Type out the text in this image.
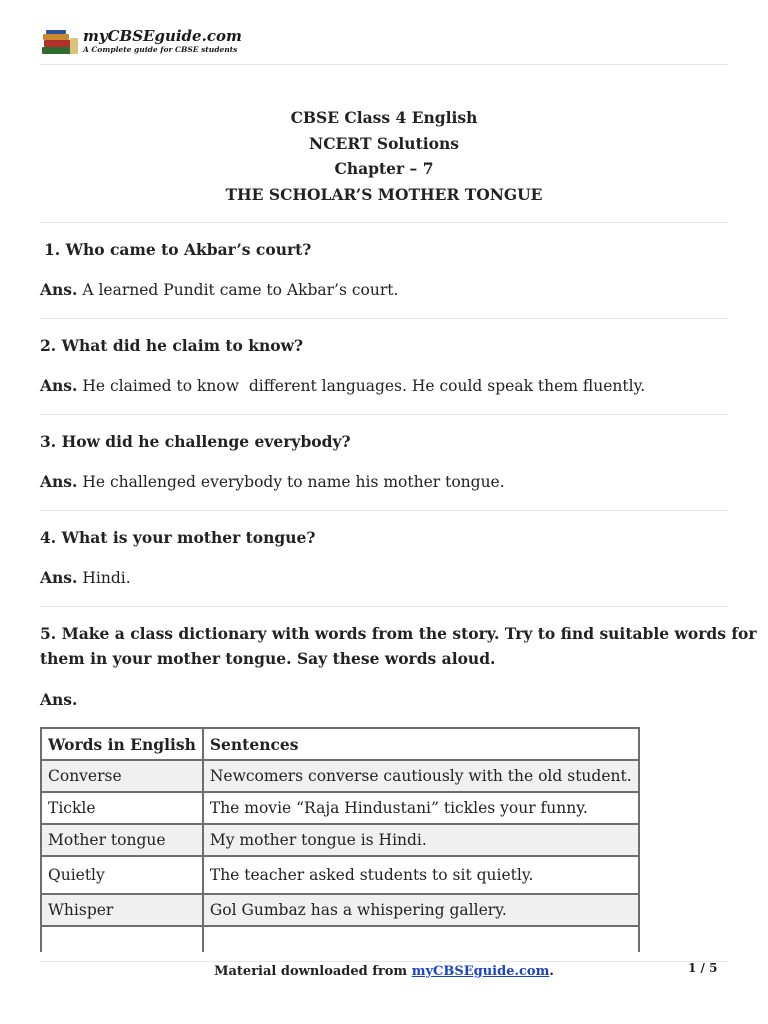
myCBSEguide.com
A Complete guide for CBSE students
CBSE Class 4 English
NCERT Solutions
Chapter – 7
THE SCHOLAR’S MOTHER TONGUE
1. Who came to Akbar’s court?
Ans. A learned Pundit came to Akbar’s court.
2. What did he claim to know?
Ans. He claimed to know  different languages. He could speak them fluently.
3. How did he challenge everybody?
Ans. He challenged everybody to name his mother tongue.
4. What is your mother tongue?
Ans. Hindi.
5. Make a class dictionary with words from the story. Try to find suitable words for
them in your mother tongue. Say these words aloud.
Ans.
Words in English	Sentences
Converse	Newcomers converse cautiously with the old student.
Tickle	The movie “Raja Hindustani” tickles your funny.
Mother tongue	My mother tongue is Hindi.
Quietly	The teacher asked students to sit quietly.
Whisper	Gol Gumbaz has a whispering gallery.

Material downloaded from myCBSEguide.com.	1 / 5
